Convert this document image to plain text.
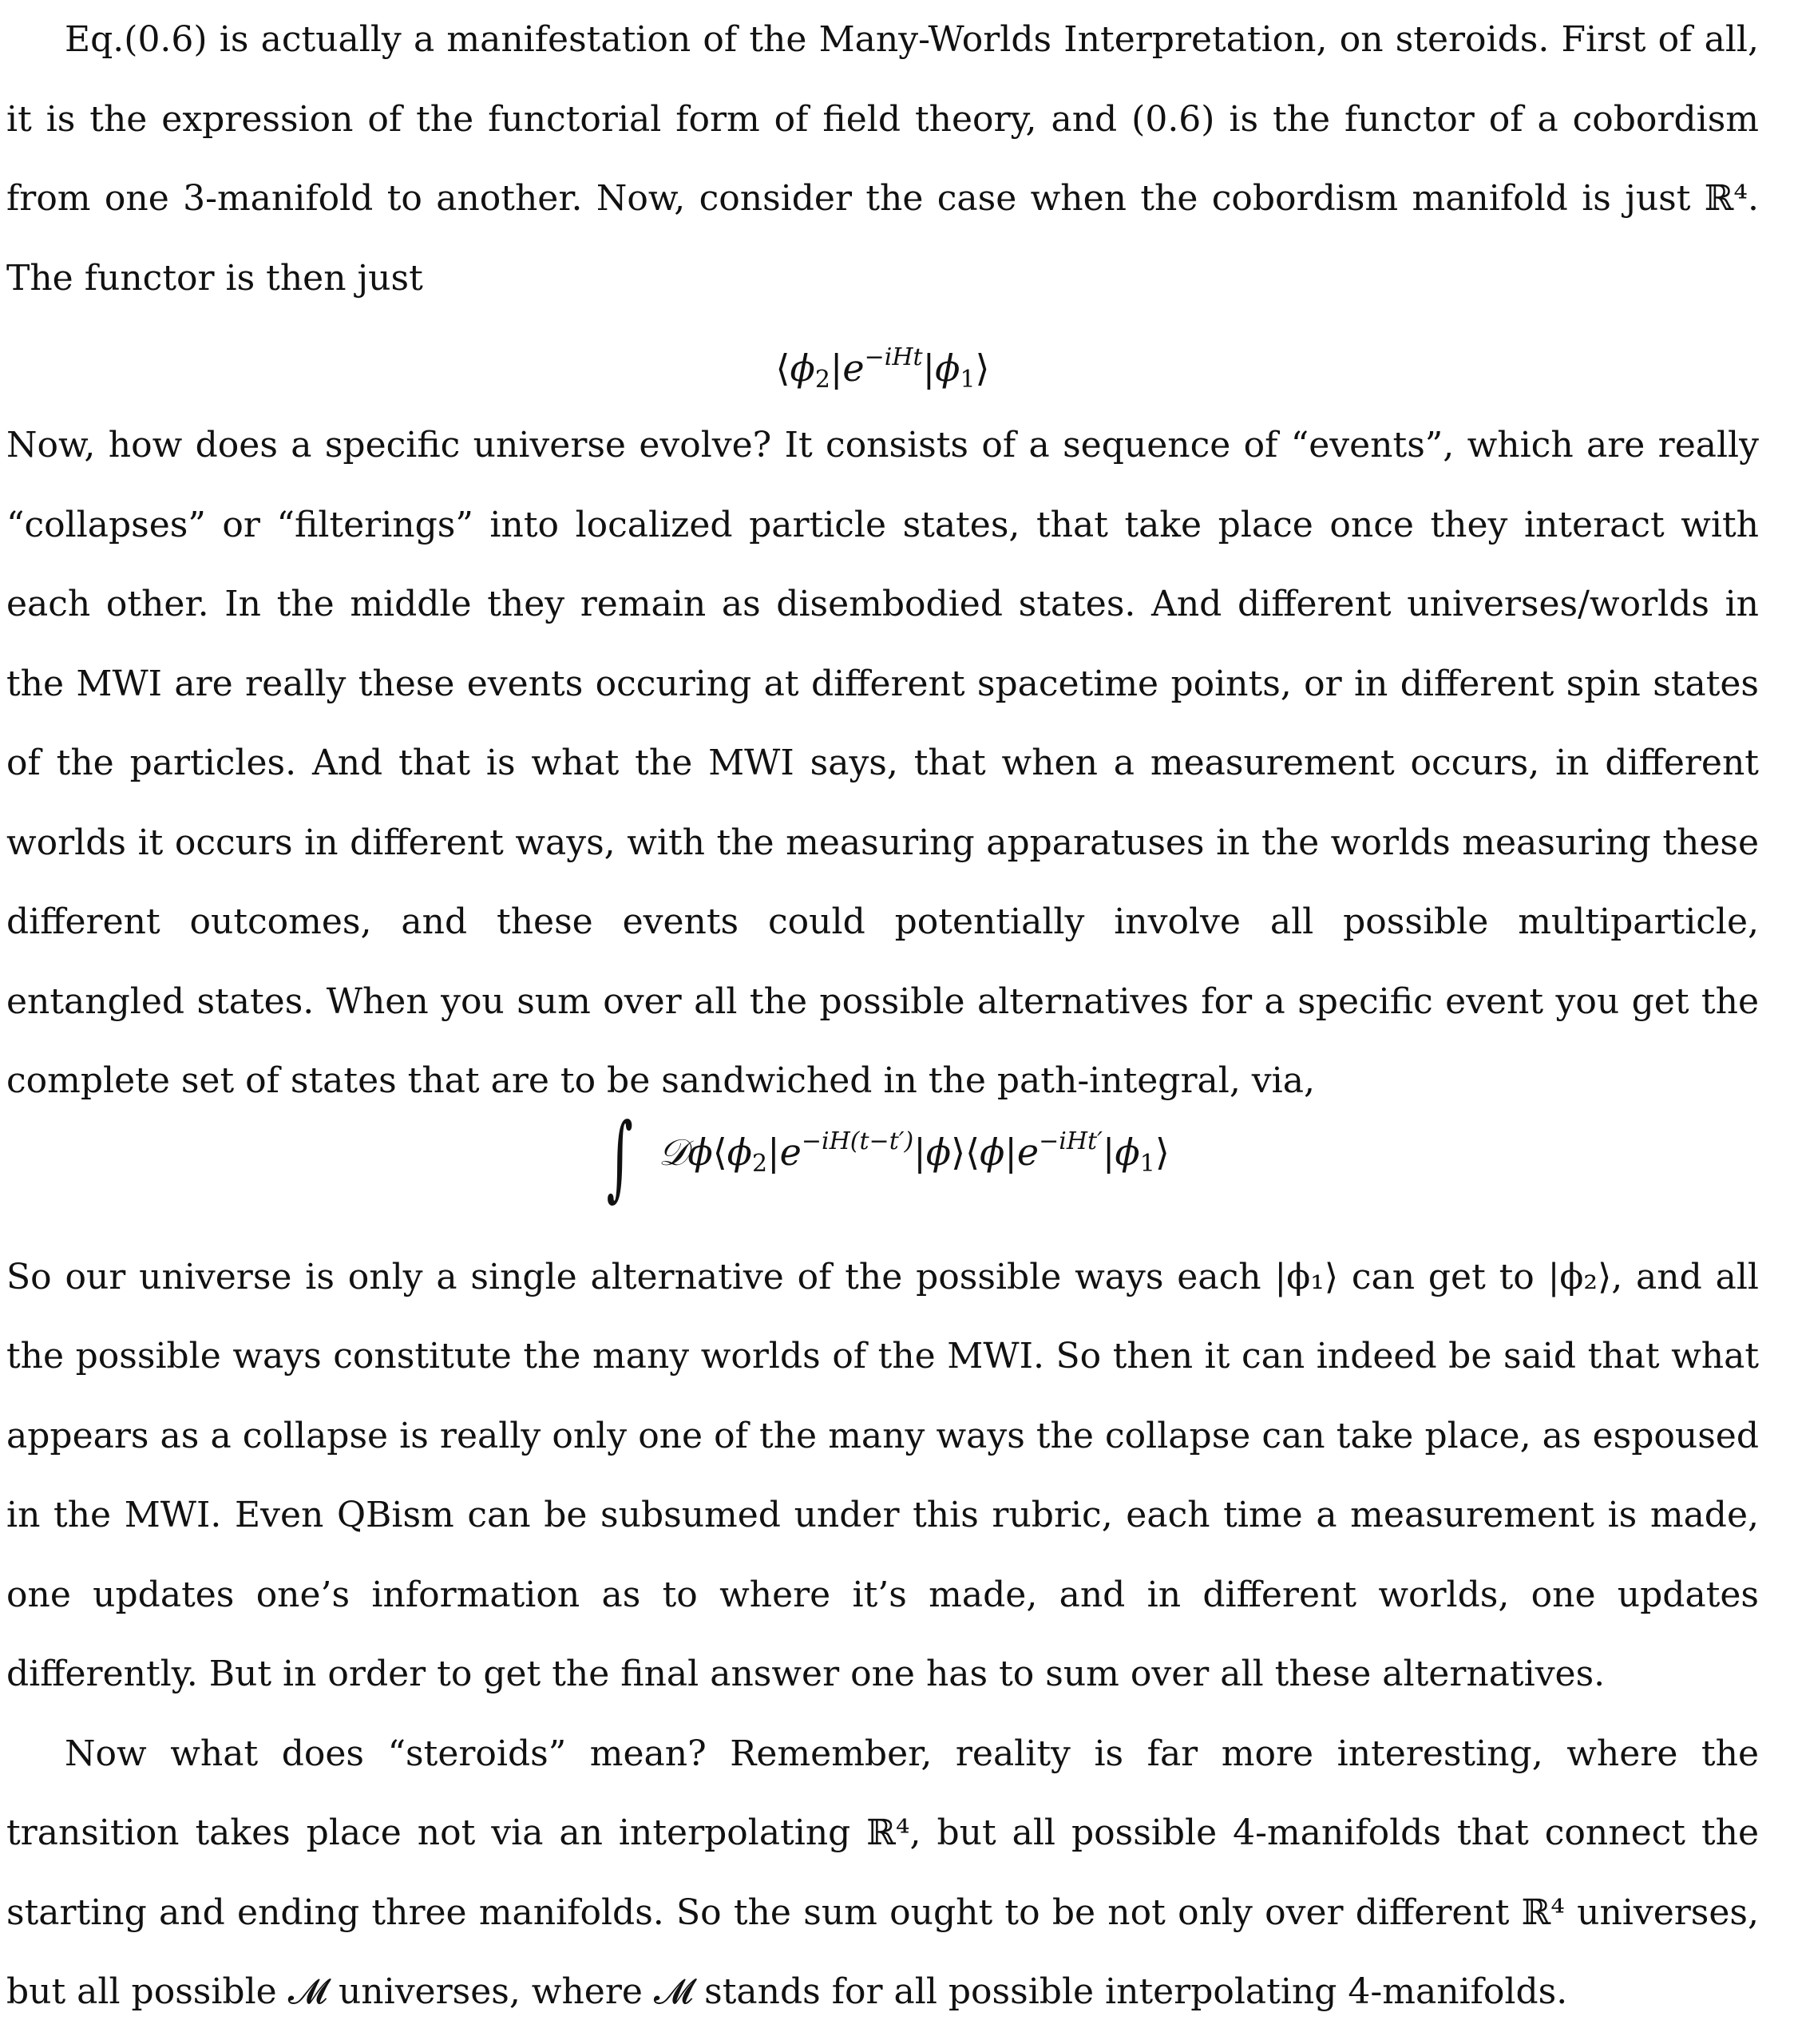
Eq.(0.6) is actually a manifestation of the Many-Worlds Interpretation, on steroids. First of all, it is the expression of the functorial form of field theory, and (0.6) is the functor of a cobordism from one 3-manifold to another. Now, consider the case when the cobordism manifold is just ℝ⁴. The functor is then just

$⟨\phi_2|e^{-iHt}|\phi_1⟩$

Now, how does a specific universe evolve? It consists of a sequence of “events”, which are really “collapses” or “filterings” into localized particle states, that take place once they interact with each other. In the middle they remain as disembodied states. And different universes/worlds in the MWI are really these events occuring at different spacetime points, or in different spin states of the particles. And that is what the MWI says, that when a measurement occurs, in different worlds it occurs in different ways, with the measuring apparatuses in the worlds measuring these different outcomes, and these events could potentially involve all possible multiparticle, entangled states. When you sum over all the possible alternatives for a specific event you get the complete set of states that are to be sandwiched in the path-integral, via,

∫ $𝒟\phi⟨\phi_2|e^{-iH(t-t')}|\phi⟩⟨\phi|e^{-iHt'}|\phi_1⟩$

So our universe is only a single alternative of the possible ways each |ϕ₁⟩ can get to |ϕ₂⟩, and all the possible ways constitute the many worlds of the MWI. So then it can indeed be said that what appears as a collapse is really only one of the many ways the collapse can take place, as espoused in the MWI. Even QBism can be subsumed under this rubric, each time a measurement is made, one updates one’s information as to where it’s made, and in different worlds, one updates differently. But in order to get the final answer one has to sum over all these alternatives.

Now what does “steroids” mean? Remember, reality is far more interesting, where the transition takes place not via an interpolating ℝ⁴, but all possible 4-manifolds that connect the starting and ending three manifolds. So the sum ought to be not only over different ℝ⁴ universes, but all possible 𝓜 universes, where 𝓜 stands for all possible interpolating 4-manifolds.
